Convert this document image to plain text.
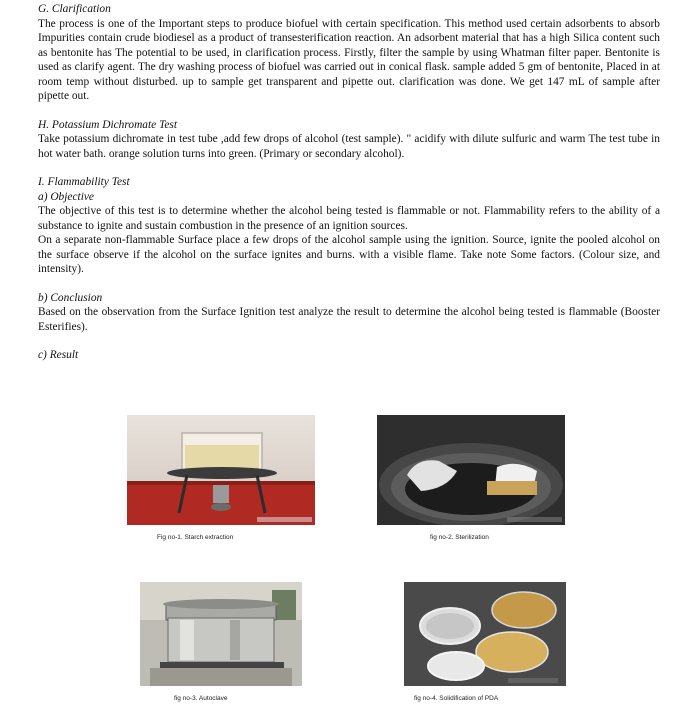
G. Clarification

The process is one of the Important steps to produce biofuel with certain specification. This method used certain adsorbents to absorb Impurities contain crude biodiesel as a product of transesterification reaction. An adsorbent material that has a high Silica content such as bentonite has The potential to be used, in clarification process. Firstly, filter the sample by using Whatman filter paper. Bentonite is used as clarify agent. The dry washing process of biofuel was carried out in conical flask. sample added 5 gm of bentonite, Placed in at room temp without disturbed. up to sample get transparent and pipette out. clarification was done. We get 147 mL of sample after pipette out.

H. Potassium Dichromate Test

Take potassium dichromate in test tube ,add few drops of alcohol (test sample). " acidify with dilute sulfuric and warm The test tube in hot water bath. orange solution turns into green. (Primary or secondary alcohol).

I. Flammability Test
a) Objective

The objective of this test is to determine whether the alcohol being tested is flammable or not. Flammability refers to the ability of a substance to ignite and sustain combustion in the presence of an ignition sources.

On a separate non-flammable Surface place a few drops of the alcohol sample using the ignition. Source, ignite the pooled alcohol on the surface observe if the alcohol on the surface ignites and burns. with a visible flame. Take note Some factors. (Colour size, and intensity).

b) Conclusion

Based on the observation from the Surface Ignition test analyze the result to determine the alcohol being tested is flammable (Booster Esterifies).

c) Result
Fig no-1. Starch extraction	fig no-2. Sterilization
fig no-3. Autoclave	fig no-4. Solidification of PDA
